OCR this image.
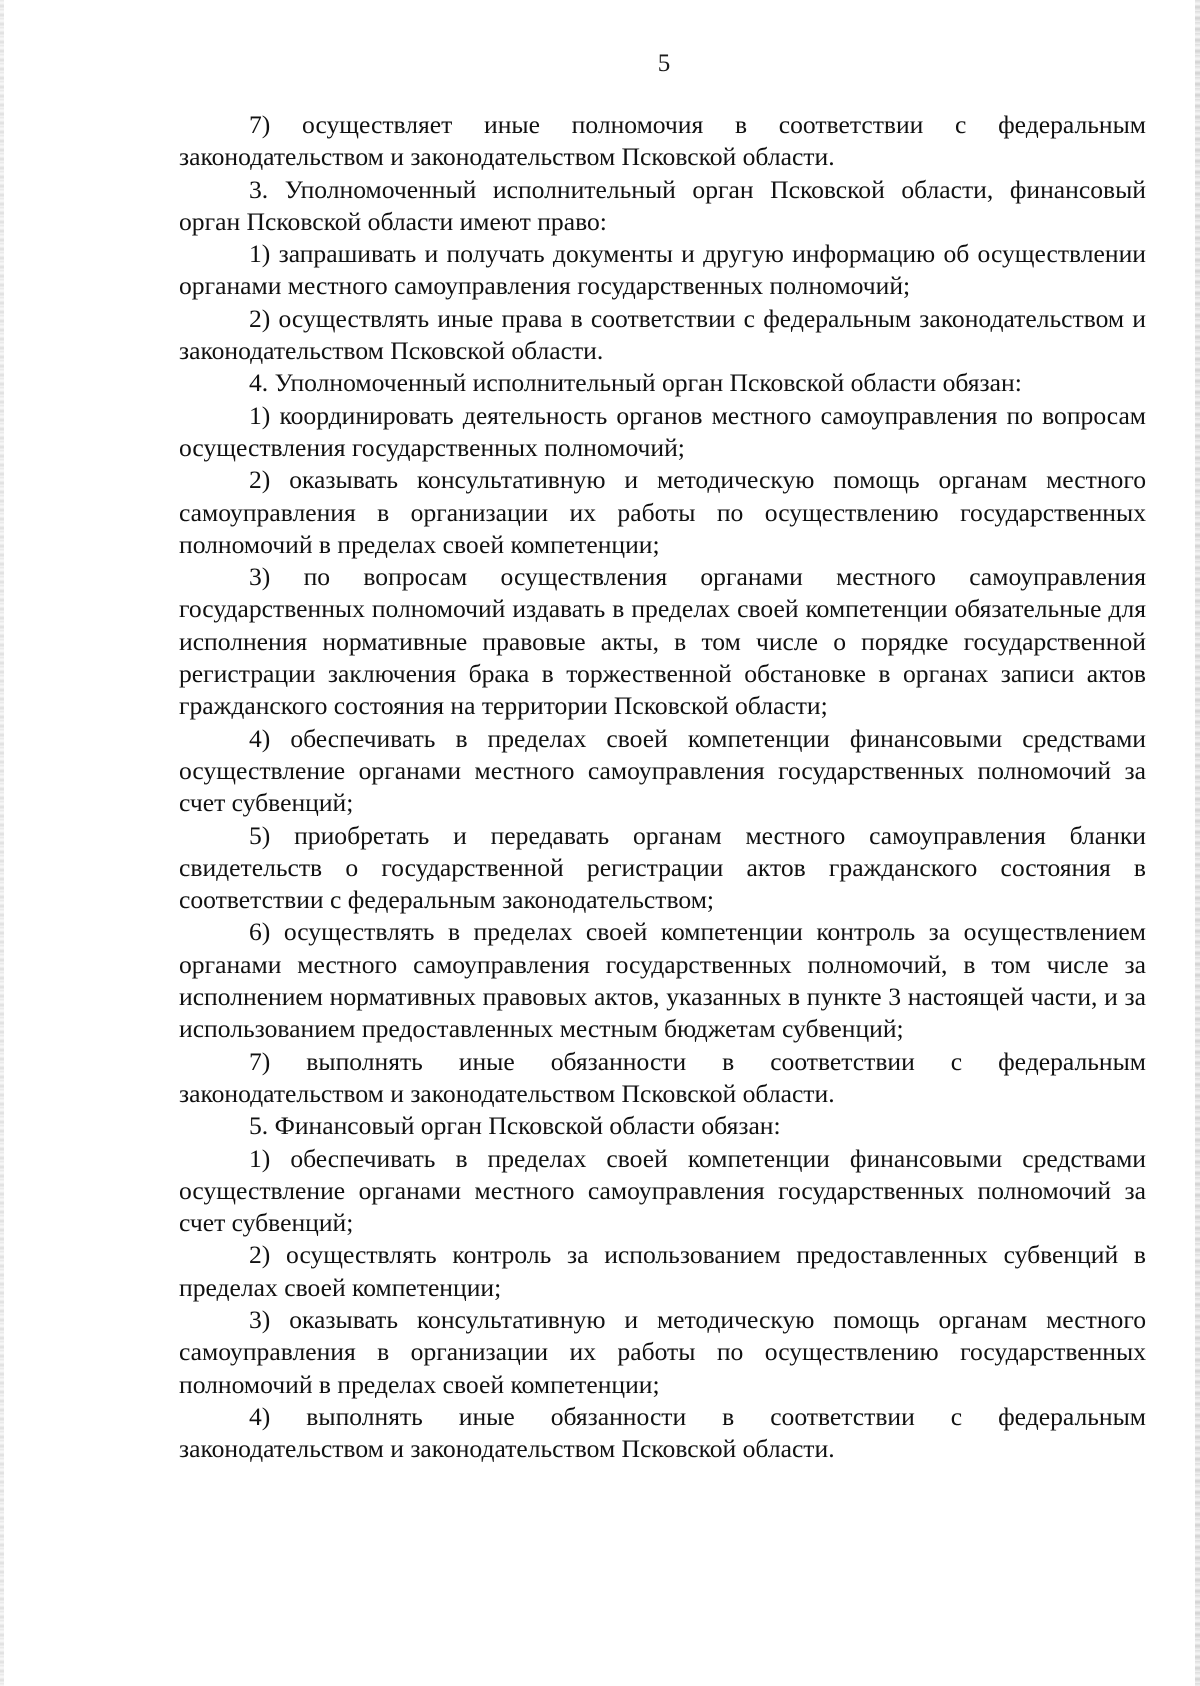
5

7) осуществляет иные полномочия в соответствии с федеральным законодательством и законодательством Псковской области.

3. Уполномоченный исполнительный орган Псковской области, финансовый орган Псковской области имеют право:

1) запрашивать и получать документы и другую информацию об осуществлении органами местного самоуправления государственных полномочий;

2) осуществлять иные права в соответствии с федеральным законодательством и законодательством Псковской области.

4. Уполномоченный исполнительный орган Псковской области обязан:

1) координировать деятельность органов местного самоуправления по вопросам осуществления государственных полномочий;

2) оказывать консультативную и методическую помощь органам местного самоуправления в организации их работы по осуществлению государственных полномочий в пределах своей компетенции;

3) по вопросам осуществления органами местного самоуправления государственных полномочий издавать в пределах своей компетенции обязательные для исполнения нормативные правовые акты, в том числе о порядке государственной регистрации заключения брака в торжественной обстановке в органах записи актов гражданского состояния на территории Псковской области;

4) обеспечивать в пределах своей компетенции финансовыми средствами осуществление органами местного самоуправления государственных полномочий за счет субвенций;

5) приобретать и передавать органам местного самоуправления бланки свидетельств о государственной регистрации актов гражданского состояния в соответствии с федеральным законодательством;

6) осуществлять в пределах своей компетенции контроль за осуществлением органами местного самоуправления государственных полномочий, в том числе за исполнением нормативных правовых актов, указанных в пункте 3 настоящей части, и за использованием предоставленных местным бюджетам субвенций;

7) выполнять иные обязанности в соответствии с федеральным законодательством и законодательством Псковской области.

5. Финансовый орган Псковской области обязан:

1) обеспечивать в пределах своей компетенции финансовыми средствами осуществление органами местного самоуправления государственных полномочий за счет субвенций;

2) осуществлять контроль за использованием предоставленных субвенций в пределах своей компетенции;

3) оказывать консультативную и методическую помощь органам местного самоуправления в организации их работы по осуществлению государственных полномочий в пределах своей компетенции;

4) выполнять иные обязанности в соответствии с федеральным законодательством и законодательством Псковской области.
